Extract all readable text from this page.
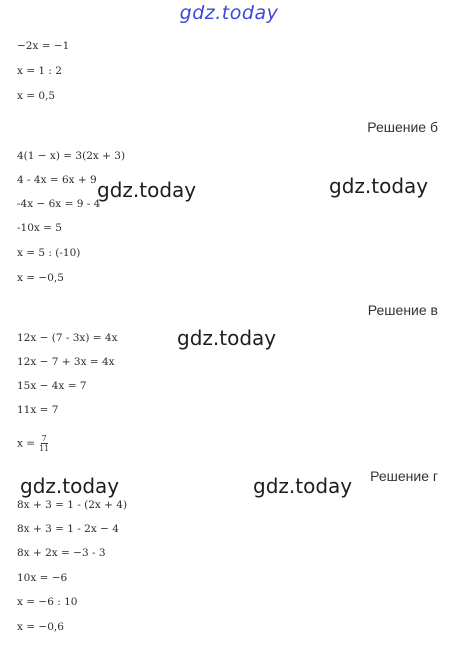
gdz.today
−2x = −1
x = 1 : 2
x = 0,5
Решение б
4(1 − x) = 3(2x + 3)
4 - 4x = 6x + 9
-4x − 6x = 9 - 4
-10x = 5
x = 5 : (-10)
x = −0,5
Решение в
12x − (7 - 3x) = 4x
12x − 7 + 3x = 4x
15x − 4x = 7
11x = 7
$x = \frac{7}{11}$
Решение г
8x + 3 = 1 - (2x + 4)
8x + 3 = 1 - 2x − 4
8x + 2x = −3 - 3
10x = −6
x = −6 : 10
x = −0,6
gdz.today	gdz.today
gdz.today
gdz.today	gdz.today
